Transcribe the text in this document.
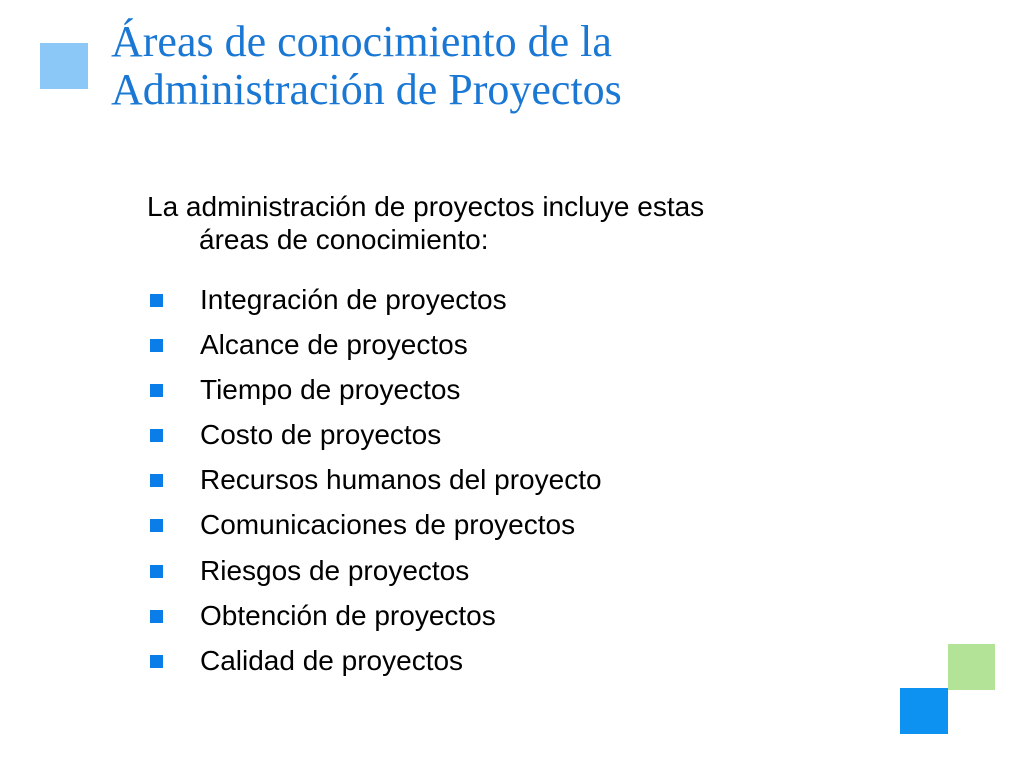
Áreas de conocimiento de la
Administración de Proyectos

La administración de proyectos incluye estas
áreas de conocimiento:

Integración de proyectos
Alcance de proyectos
Tiempo de proyectos
Costo de proyectos
Recursos humanos del proyecto
Comunicaciones de proyectos
Riesgos de proyectos
Obtención de proyectos
Calidad de proyectos
